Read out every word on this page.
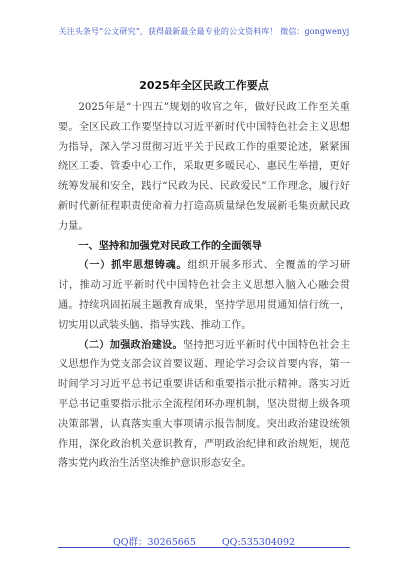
关注头条号“公文研究”，获得最新最全最专业的公文资料库！ 微信：gongwenyj
2025年全区民政工作要点

2025年是“十四五”规划的收官之年，做好民政工作至关重要。全区民政工作要坚持以习近平新时代中国特色社会主义思想为指导，深入学习贯彻习近平关于民政工作的重要论述，紧紧围绕区工委、管委中心工作，采取更多暖民心、惠民生举措，更好统筹发展和安全，践行“民政为民、民政爱民”工作理念，履行好新时代新征程职责使命着力打造高质量绿色发展新毛集贡献民政力量。

一、坚持和加强党对民政工作的全面领导

（一）抓牢思想铸魂。组织开展多形式、全覆盖的学习研讨，推动习近平新时代中国特色社会主义思想入脑入心融会贯通。持续巩固拓展主题教育成果，坚持学思用贯通知信行统一，切实用以武装头脑、指导实践、推动工作。

（二）加强政治建设。坚持把习近平新时代中国特色社会主义思想作为党支部会议首要议题、理论学习会议首要内容，第一时间学习习近平总书记重要讲话和重要指示批示精神。落实习近平总书记重要指示批示全流程闭环办理机制，坚决贯彻上级各项决策部署，认真落实重大事项请示报告制度。突出政治建设统领作用，深化政治机关意识教育，严明政治纪律和政治规矩，规范落实党内政治生活坚决维护意识形态安全。

QQ群：30265665	QQ:535304092
